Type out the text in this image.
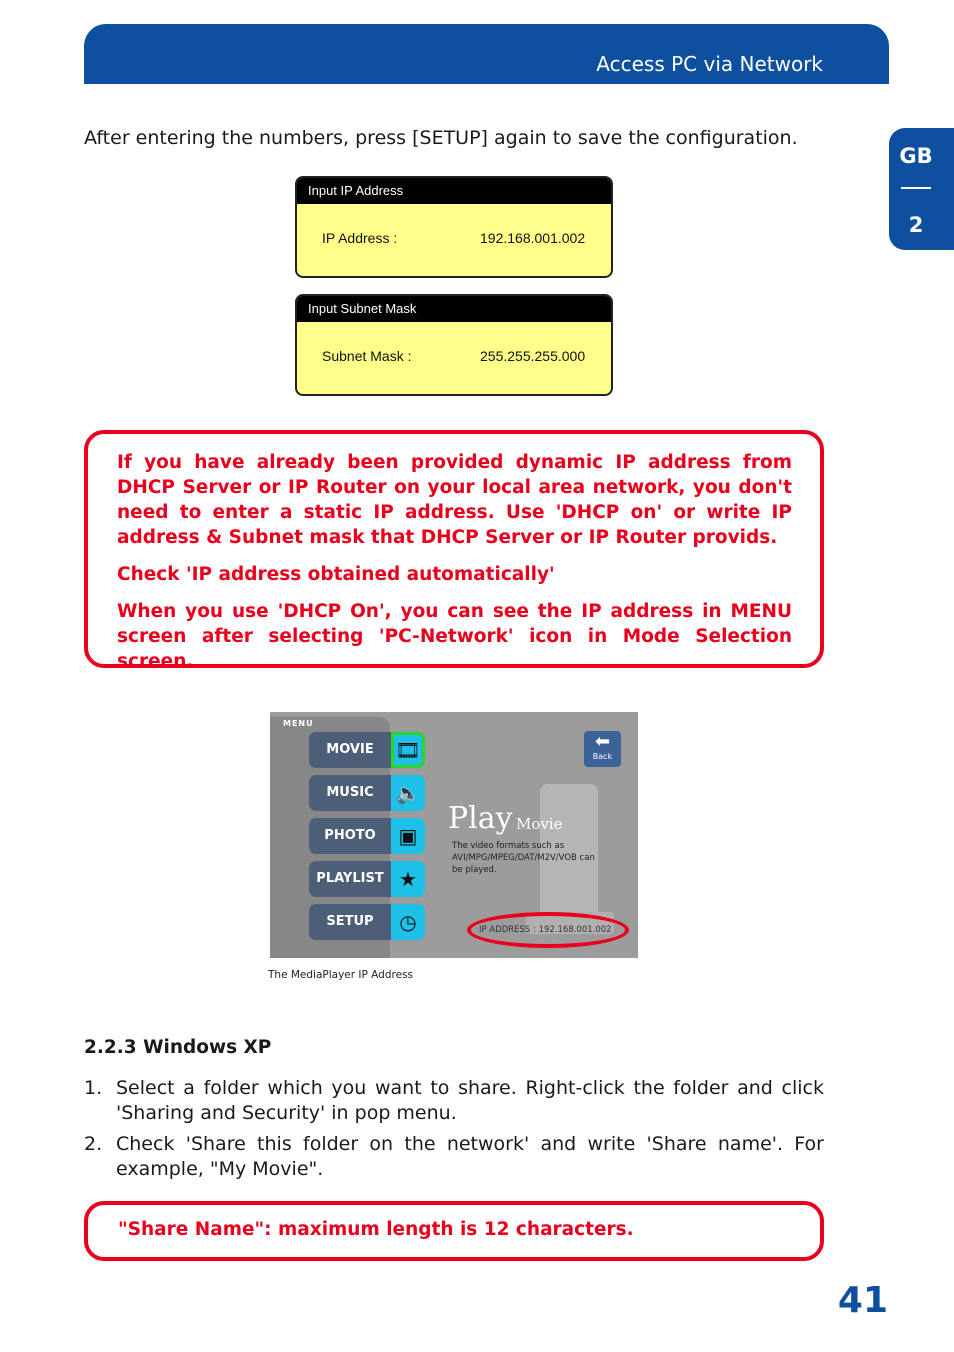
Access PC via Network
GB
2

After entering the numbers, press [SETUP] again to save the configuration.

Input IP Address
IP Address :	192.168.001.002
Input Subnet Mask
Subnet Mask :	255.255.255.000

If you have already been provided dynamic IP address from DHCP Server or IP Router on your local area network, you don't need to enter a static IP address. Use 'DHCP on' or write IP address & Subnet mask that DHCP Server or IP Router provids.

Check 'IP address obtained automatically'

When you use 'DHCP On', you can see the IP address in MENU screen after selecting 'PC-Network' icon in Mode Selection screen.

MENU
MOVIE	🎞
MUSIC	🔈
PHOTO	▣
PLAYLIST ★
SETUP	◷
⬅
Back
Play Movie
The video formats such as AVI/MPG/MPEG/DAT/M2V/VOB can be played.
IP ADDRESS : 192.168.001.002
The MediaPlayer IP Address
2.2.3 Windows XP
1. Select a folder which you want to share. Right-click the folder and click 'Sharing and Security' in pop menu.
2. Check 'Share this folder on the network' and write 'Share name'. For example, "My Movie".

"Share Name": maximum length is 12 characters.

41
